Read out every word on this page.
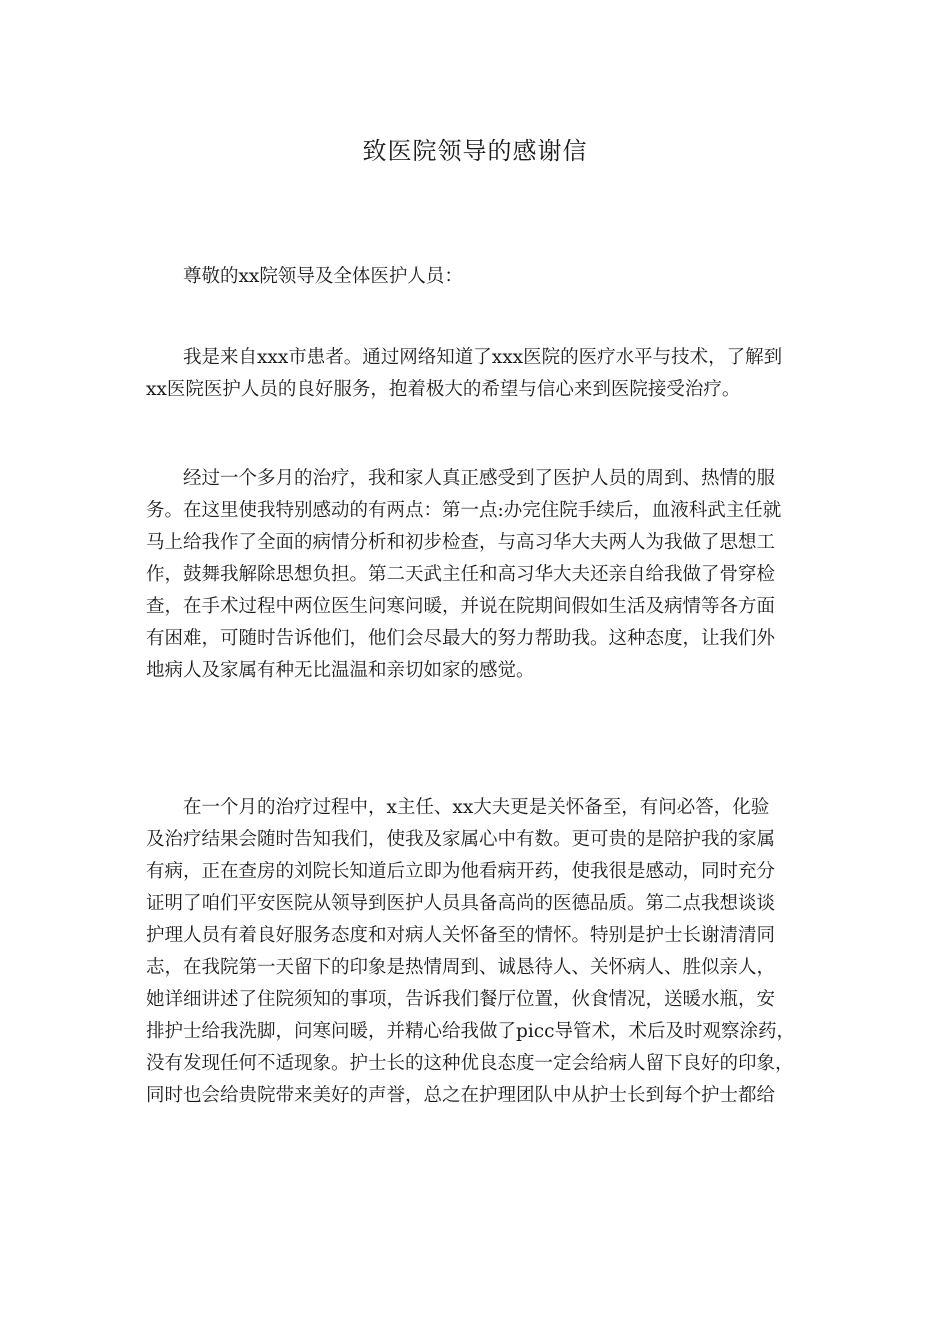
致医院领导的感谢信

尊敬的xx院领导及全体医护人员：

我是来自xxx市患者。通过网络知道了xxx医院的医疗水平与技术，了解到
xx医院医护人员的良好服务，抱着极大的希望与信心来到医院接受治疗。

经过一个多月的治疗，我和家人真正感受到了医护人员的周到、热情的服
务。在这里使我特别感动的有两点：第一点:办完住院手续后，血液科武主任就
马上给我作了全面的病情分析和初步检查，与高习华大夫两人为我做了思想工
作，鼓舞我解除思想负担。第二天武主任和高习华大夫还亲自给我做了骨穿检
查，在手术过程中两位医生问寒问暖，并说在院期间假如生活及病情等各方面
有困难，可随时告诉他们，他们会尽最大的努力帮助我。这种态度，让我们外
地病人及家属有种无比温温和亲切如家的感觉。

在一个月的治疗过程中，x主任、xx大夫更是关怀备至，有问必答，化验
及治疗结果会随时告知我们，使我及家属心中有数。更可贵的是陪护我的家属
有病，正在查房的刘院长知道后立即为他看病开药，使我很是感动，同时充分
证明了咱们平安医院从领导到医护人员具备高尚的医德品质。第二点我想谈谈
护理人员有着良好服务态度和对病人关怀备至的情怀。特别是护士长谢清清同
志，在我院第一天留下的印象是热情周到、诚恳待人、关怀病人、胜似亲人，
她详细讲述了住院须知的事项，告诉我们餐厅位置，伙食情况，送暖水瓶，安
排护士给我洗脚，问寒问暖，并精心给我做了picc导管术，术后及时观察涂药，
没有发现任何不适现象。护士长的这种优良态度一定会给病人留下良好的印象，
同时也会给贵院带来美好的声誉，总之在护理团队中从护士长到每个护士都给
